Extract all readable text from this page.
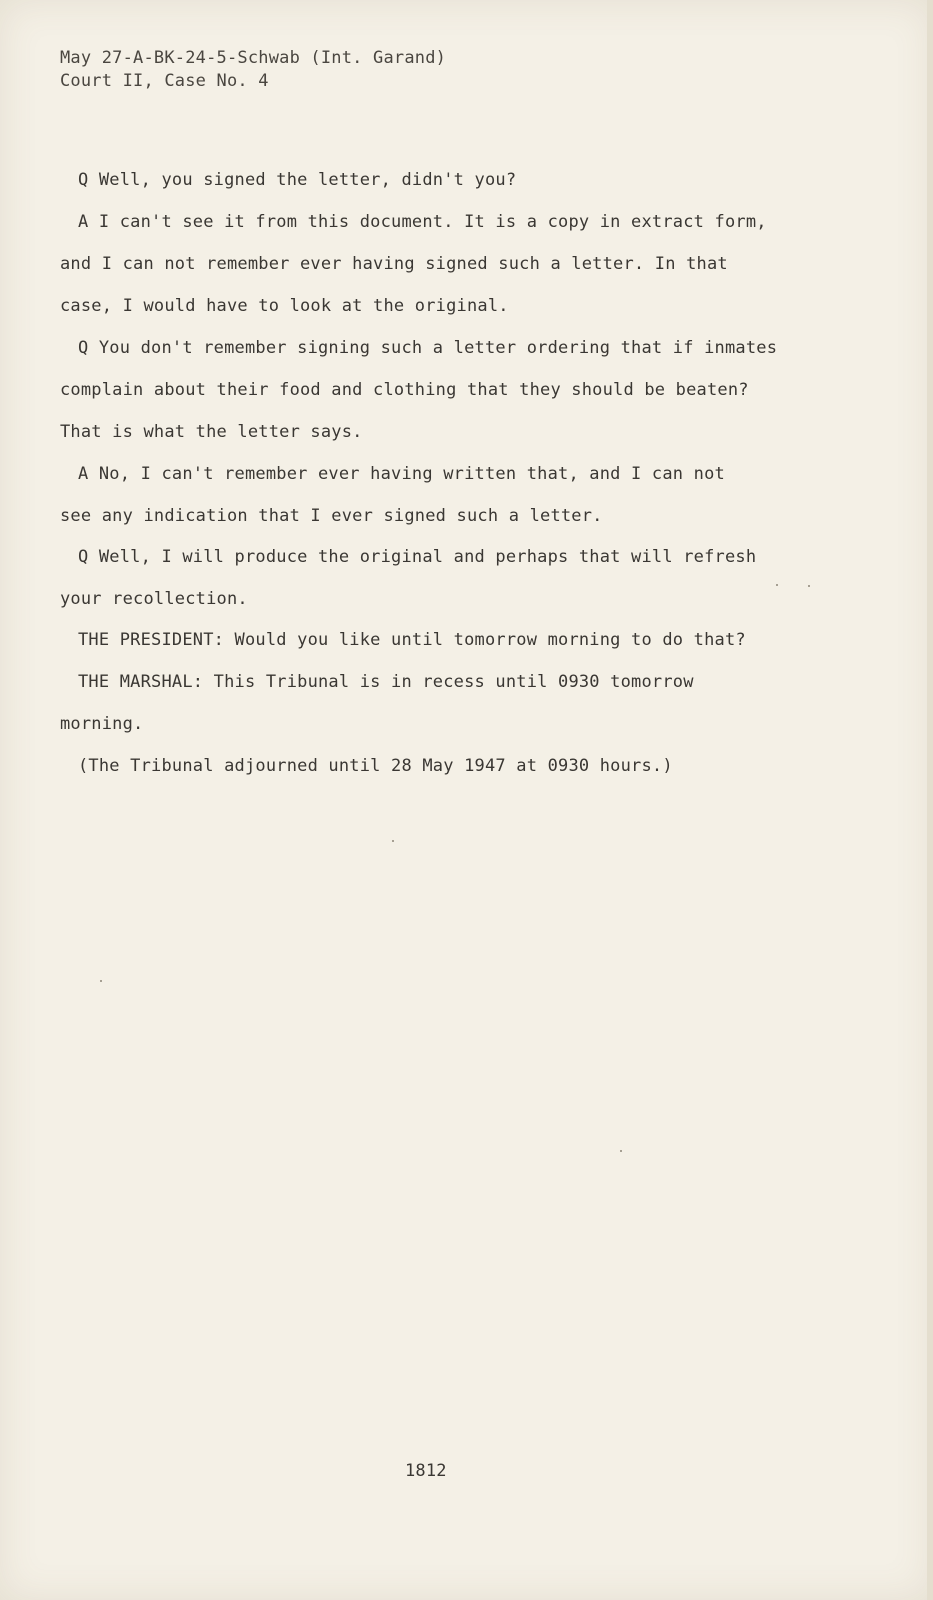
May 27-A-BK-24-5-Schwab (Int. Garand)
Court II, Case No. 4
Q Well, you signed the letter, didn't you?
A I can't see it from this document. It is a copy in extract form,
and I can not remember ever having signed such a letter. In that
case, I would have to look at the original.
Q You don't remember signing such a letter ordering that if inmates
complain about their food and clothing that they should be beaten?
That is what the letter says.
A No, I can't remember ever having written that, and I can not
see any indication that I ever signed such a letter.
Q Well, I will produce the original and perhaps that will refresh
your recollection.
THE PRESIDENT: Would you like until tomorrow morning to do that?
THE MARSHAL: This Tribunal is in recess until 0930 tomorrow
morning.
(The Tribunal adjourned until 28 May 1947 at 0930 hours.)
1812
